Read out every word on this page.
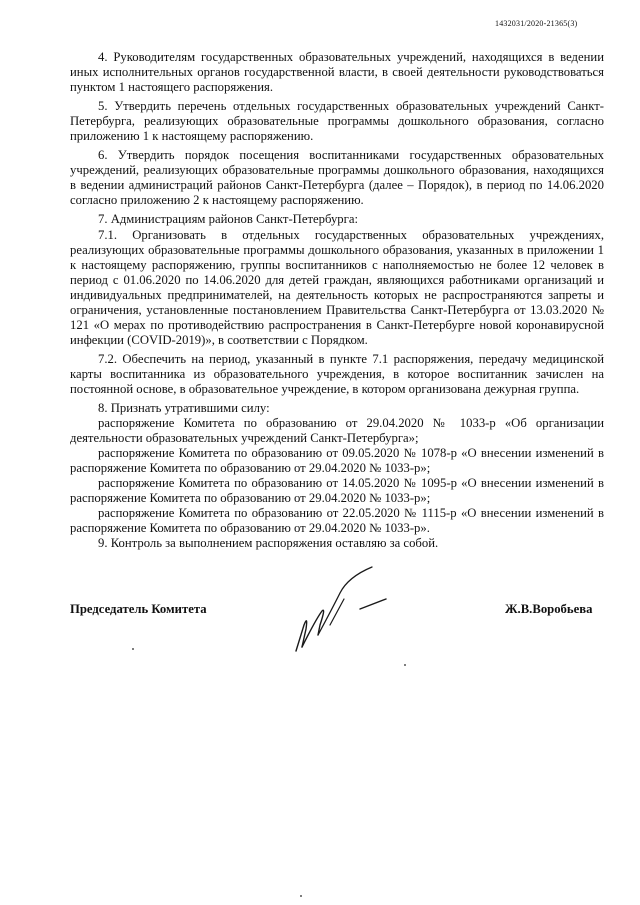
1432031/2020-21365(3)

4. Руководителям государственных образовательных учреждений, находящихся в ведении иных исполнительных органов государственной власти, в своей деятельности руководствоваться пунктом 1 настоящего распоряжения.

5. Утвердить перечень отдельных государственных образовательных учреждений Санкт-Петербурга, реализующих образовательные программы дошкольного образования, согласно приложению 1 к настоящему распоряжению.

6. Утвердить порядок посещения воспитанниками государственных образовательных учреждений, реализующих образовательные программы дошкольного образования, находящихся в ведении администраций районов Санкт-Петербурга (далее – Порядок), в период по 14.06.2020 согласно приложению 2 к настоящему распоряжению.

7. Администрациям районов Санкт-Петербурга:

7.1. Организовать в отдельных государственных образовательных учреждениях, реализующих образовательные программы дошкольного образования, указанных в приложении 1 к настоящему распоряжению, группы воспитанников с наполняемостью не более 12 человек в период с 01.06.2020 по 14.06.2020 для детей граждан, являющихся работниками организаций и индивидуальных предпринимателей, на деятельность которых не распространяются запреты и ограничения, установленные постановлением Правительства Санкт-Петербурга от 13.03.2020 № 121 «О мерах по противодействию распространения в Санкт-Петербурге новой коронавирусной инфекции (COVID-2019)», в соответствии с Порядком.

7.2. Обеспечить на период, указанный в пункте 7.1 распоряжения, передачу медицинской карты воспитанника из образовательного учреждения, в которое воспитанник зачислен на постоянной основе, в образовательное учреждение, в котором организована дежурная группа.

8. Признать утратившими силу:

распоряжение Комитета по образованию от 29.04.2020 № 1033-р «Об организации деятельности образовательных учреждений Санкт-Петербурга»;

распоряжение Комитета по образованию от 09.05.2020 № 1078-р «О внесении изменений в распоряжение Комитета по образованию от 29.04.2020 № 1033-р»;

распоряжение Комитета по образованию от 14.05.2020 № 1095-р «О внесении изменений в распоряжение Комитета по образованию от 29.04.2020 № 1033-р»;

распоряжение Комитета по образованию от 22.05.2020 № 1115-р «О внесении изменений в распоряжение Комитета по образованию от 29.04.2020 № 1033-р».

9. Контроль за выполнением распоряжения оставляю за собой.

Председатель Комитета	Ж.В.Воробьева
